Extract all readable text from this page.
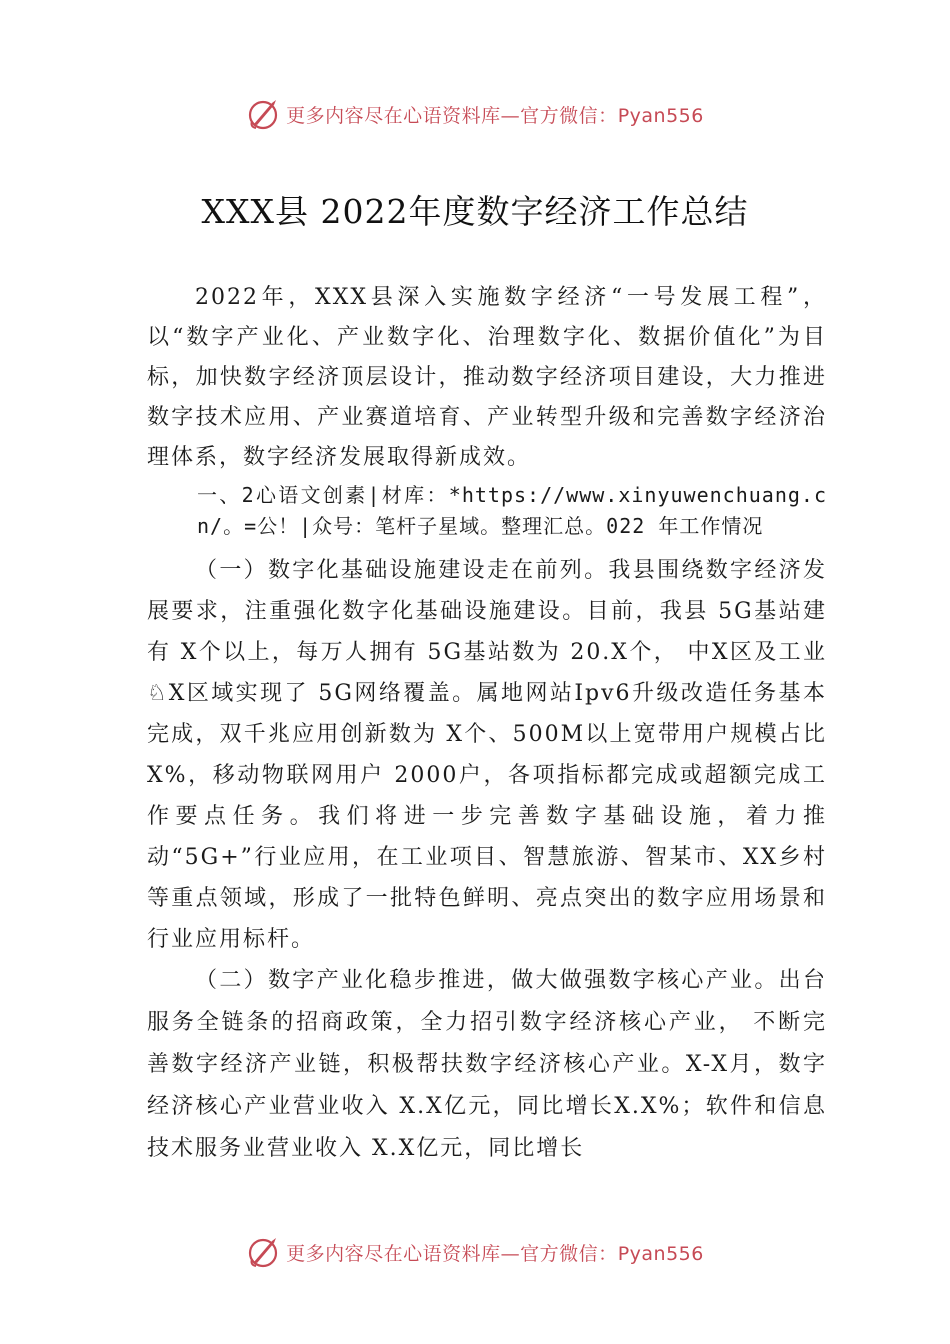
更多内容尽在心语资料库—官方微信：Pyan556
XXX县 2022年度数字经济工作总结

2022年，XXX县深入实施数字经济“一号发展工程”，以“数字产业化、产业数字化、治理数字化、数据价值化”为目标，加快数字经济顶层设计，推动数字经济项目建设，大力推进数字技术应用、产业赛道培育、产业转型升级和完善数字经济治理体系，数字经济发展取得新成效。

一、2心语文创素|材库：*https://www.xinyuwenchuang.cn/。=公！|众号：笔杆子星域。整理汇总。022 年工作情况

（一）数字化基础设施建设走在前列。我县围绕数字经济发展要求，注重强化数字化基础设施建设。目前，我县 5G基站建有 X个以上，每万人拥有 5G基站数为 20.X个， 中X区及工业♘X区域实现了 5G网络覆盖。属地网站Ipv6升级改造任务基本完成，双千兆应用创新数为 X个、500M以上宽带用户规模占比 X%，移动物联网用户 2000户，各项指标都完成或超额完成工作要点任务。我们将进一步完善数字基础设施，着力推动“5G+”行业应用，在工业项目、智慧旅游、智某市、XX乡村等重点领域，形成了一批特色鲜明、亮点突出的数字应用场景和行业应用标杆。

（二）数字产业化稳步推进，做大做强数字核心产业。出台服务全链条的招商政策，全力招引数字经济核心产业， 不断完善数字经济产业链，积极帮扶数字经济核心产业。X-X月，数字经济核心产业营业收入 X.X亿元，同比增长X.X%；软件和信息技术服务业营业收入 X.X亿元，同比增长

更多内容尽在心语资料库—官方微信：Pyan556
